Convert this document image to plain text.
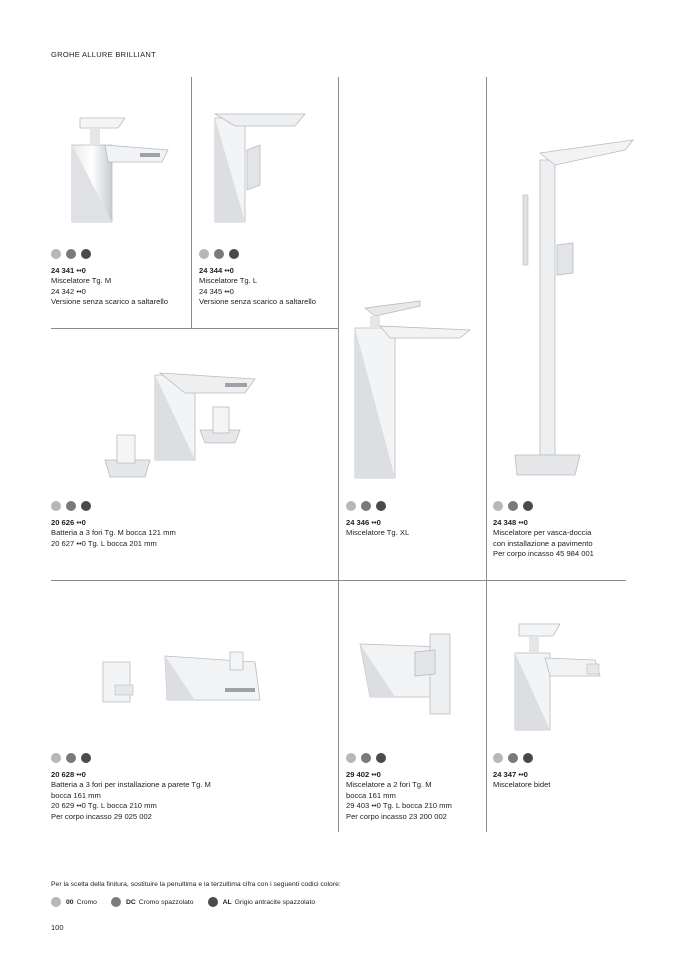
GROHE ALLURE BRILLIANT
24 341 ••0
Miscelatore Tg. M
24 342 ••0
Versione senza scarico a saltarello
24 344 ••0
Miscelatore Tg. L
24 345 ••0
Versione senza scarico a saltarello
20 626 ••0
Batteria a 3 fori Tg. M bocca 121 mm
20 627 ••0 Tg. L bocca 201 mm
24 346 ••0
Miscelatore Tg. XL
24 348 ••0
Miscelatore per vasca-doccia
con installazione a pavimento
Per corpo incasso 45 984 001
20 628 ••0
Batteria a 3 fori per installazione a parete Tg. M
bocca 161 mm
20 629 ••0 Tg. L bocca 210 mm
Per corpo incasso 29 025 002
29 402 ••0
Miscelatore a 2 fori Tg. M
bocca 161 mm
29 403 ••0 Tg. L bocca 210 mm
Per corpo incasso 23 200 002
24 347 ••0
Miscelatore bidet
Per la scelta della finitura, sostituire la penultima e la terzultima cifra con i seguenti codici colore:
00 Cromo	DC Cromo spazzolato	AL Grigio antracite spazzolato
100
